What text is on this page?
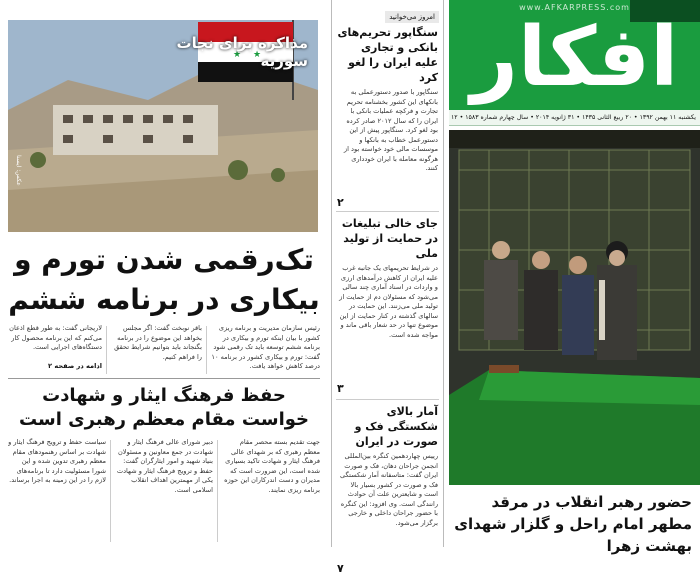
www.AFKARPRESS.com
افکار
یکشنبه ۱۱ بهمن ۱۳۹۲ • ۲۰ ربیع الثانی ۱۴۳۵ • ۳۱ ژانویه ۲۰۱۴ • سال چهارم شماره ۱۵۸۳ • ۱۲
حضور رهبر انقلاب در مرقد مطهر امام راحل و گلزار شهدای بهشت زهرا
امروز می‌خوانید
سنگاپور تحریم‌های بانکی و تجاری علیه ایران را لغو کرد
سنگاپور با صدور دستورعملی به بانکهای این کشور بخشنامه تحریم تجارت و فرکچه عملیات بانکی با ایران را که سال ۲۰۱۲ صادر کرده بود لغو کرد. سنگاپور پیش از این دستورعمل خطاب به بانکها و موسسات مالی خود خواسته بود از هرگونه معامله با ایران خودداری کنند.
۲
جای خالی تبلیغات در حمایت از تولید ملی
در شرایط تحریمهای یک جانبه غرب علیه ایران از کاهش درآمدهای ارزی و واردات در اسناد آماری چند سالی می‌شود که مسئولان دم از حمایت از تولید ملی می‌زنند. این حمایت در سالهای گذشته در کنار حمایت از این موضوع تنها در حد شعار باقی ماند و مواجه شده است.
۳
آمار بالای شکستگی فک و صورت در ایران
رییس چهاردهمین کنگره بین‌المللی انجمن جراحان دهان، فک و صورت ایران گفت: متاسفانه آمار شکستگی فک و صورت در کشور بسیار بالا است و شایعترین علت آن حوادث رانندگی است. وی افزود: این کنگره با حضور جراحان داخلی و خارجی برگزار می‌شود.
۷
★ ★
مذاکره برای نجات سوریه
عکس: ایسنا
تک‌رقمی شدن تورم و بیکاری در برنامه ششم
رئیس سازمان مدیریت و برنامه ریزی کشور با بیان اینکه تورم و بیکاری در برنامه ششم توسعه باید تک رقمی شود گفت: تورم و بیکاری کشور در برنامه ۱۰ درصد کاهش خواهد یافت.
باقر نوبخت گفت: اگر مجلس بخواهد این موضوع را در برنامه بگنجاند باید بتوانیم شرایط تحقق را فراهم کنیم.
لاریجانی گفت: به طور قطع اذعان می‌کنم که این برنامه محصول کار دستگاه‌های اجرایی است.
ادامه در صفحه ۲
حفظ فرهنگ ایثار و شهادت خواست مقام معظم رهبری است
جهت تقدیم بسته محصر مقام معظم رهبری که بر شهدای عالی فرهنگ ایثار و شهادت تاکید بسیاری شده است، این ضرورت است که مدیران و دست اندرکاران این حوزه برنامه ریزی نمایند.
دبیر شورای عالی فرهنگ ایثار و شهادت در جمع معاونین و مسئولان بنیاد شهید و امور ایثارگران گفت: حفظ و ترویج فرهنگ ایثار و شهادت یکی از مهمترین اهداف انقلاب اسلامی است.
سیاست حفظ و ترویج فرهنگ ایثار و شهادت بر اساس رهنمودهای مقام معظم رهبری تدوین شده و این شورا مسئولیت دارد تا برنامه‌های لازم را در این زمینه به اجرا برساند.
